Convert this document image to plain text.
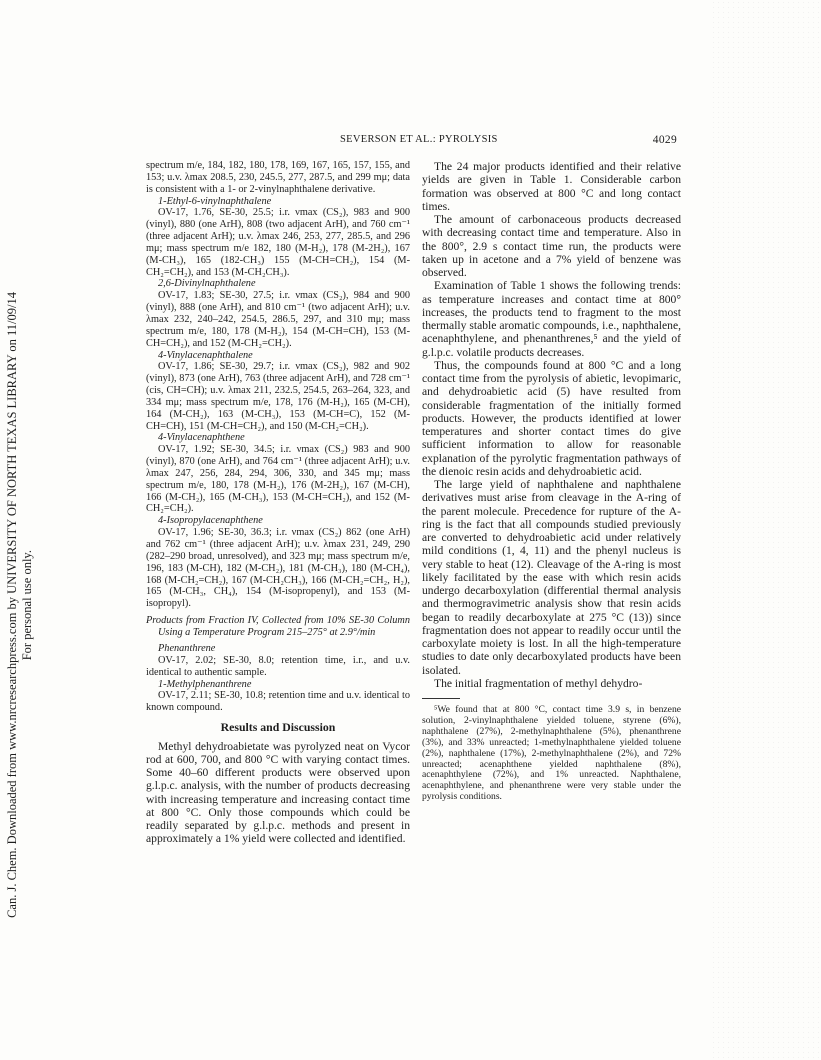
Can. J. Chem. Downloaded from www.nrcresearchpress.com by UNIVERSITY OF NORTH TEXAS LIBRARY on 11/09/14 For personal use only.
SEVERSON ET AL.: PYROLYSIS	4029

spectrum m/e, 184, 182, 180, 178, 169, 167, 165, 157, 155, and 153; u.v. λmax 208.5, 230, 245.5, 277, 287.5, and 299 mμ; data is consistent with a 1- or 2-vinylnaphthalene derivative.

1-Ethyl-6-vinylnaphthalene

OV-17, 1.76, SE-30, 25.5; i.r. νmax (CS₂), 983 and 900 (vinyl), 880 (one ArH), 808 (two adjacent ArH), and 760 cm⁻¹ (three adjacent ArH); u.v. λmax 246, 253, 277, 285.5, and 296 mμ; mass spectrum m/e 182, 180 (M-H₂), 178 (M-2H₂), 167 (M-CH₃), 165 (182-CH₃) 155 (M-CH=CH₂), 154 (M-CH₂=CH₂), and 153 (M-CH₂CH₃).

2,6-Divinylnaphthalene

OV-17, 1.83; SE-30, 27.5; i.r. νmax (CS₂), 984 and 900 (vinyl), 888 (one ArH), and 810 cm⁻¹ (two adjacent ArH); u.v. λmax 232, 240–242, 254.5, 286.5, 297, and 310 mμ; mass spectrum m/e, 180, 178 (M-H₂), 154 (M-CH=CH), 153 (M-CH=CH₂), and 152 (M-CH₂=CH₂).

4-Vinylacenaphthalene

OV-17, 1.86; SE-30, 29.7; i.r. νmax (CS₂), 982 and 902 (vinyl), 873 (one ArH), 763 (three adjacent ArH), and 728 cm⁻¹ (cis, CH=CH); u.v. λmax 211, 232.5, 254.5, 263–264, 323, and 334 mμ; mass spectrum m/e, 178, 176 (M-H₂), 165 (M-CH), 164 (M-CH₂), 163 (M-CH₃), 153 (M-CH=C), 152 (M-CH=CH), 151 (M-CH=CH₂), and 150 (M-CH₂=CH₂).

4-Vinylacenaphthene

OV-17, 1.92; SE-30, 34.5; i.r. νmax (CS₂) 983 and 900 (vinyl), 870 (one ArH), and 764 cm⁻¹ (three adjacent ArH); u.v. λmax 247, 256, 284, 294, 306, 330, and 345 mμ; mass spectrum m/e, 180, 178 (M-H₂), 176 (M-2H₂), 167 (M-CH), 166 (M-CH₂), 165 (M-CH₃), 153 (M-CH=CH₂), and 152 (M-CH₂=CH₂).

4-Isopropylacenaphthene

OV-17, 1.96; SE-30, 36.3; i.r. νmax (CS₂) 862 (one ArH) and 762 cm⁻¹ (three adjacent ArH); u.v. λmax 231, 249, 290 (282–290 broad, unresolved), and 323 mμ; mass spectrum m/e, 196, 183 (M-CH), 182 (M-CH₂), 181 (M-CH₃), 180 (M-CH₄), 168 (M-CH₂=CH₂), 167 (M-CH₂CH₃), 166 (M-CH₂=CH₂, H₂), 165 (M-CH₃, CH₄), 154 (M-isopropenyl), and 153 (M-isopropyl).

Products from Fraction IV, Collected from 10% SE-30 Column Using a Temperature Program 215–275° at 2.9°/min

Phenanthrene

OV-17, 2.02; SE-30, 8.0; retention time, i.r., and u.v. identical to authentic sample.

1-Methylphenanthrene

OV-17, 2.11; SE-30, 10.8; retention time and u.v. identical to known compound.

Results and Discussion

Methyl dehydroabietate was pyrolyzed neat on Vycor rod at 600, 700, and 800 °C with varying contact times. Some 40–60 different products were observed upon g.l.p.c. analysis, with the number of products decreasing with increasing temperature and increasing contact time at 800 °C. Only those compounds which could be readily separated by g.l.p.c. methods and present in approximately a 1% yield were collected and identified.

The 24 major products identified and their relative yields are given in Table 1. Considerable carbon formation was observed at 800 °C and long contact times.

The amount of carbonaceous products decreased with decreasing contact time and temperature. Also in the 800°, 2.9 s contact time run, the products were taken up in acetone and a 7% yield of benzene was observed.

Examination of Table 1 shows the following trends: as temperature increases and contact time at 800° increases, the products tend to fragment to the most thermally stable aromatic compounds, i.e., naphthalene, acenaphthylene, and phenanthrenes,⁵ and the yield of g.l.p.c. volatile products decreases.

Thus, the compounds found at 800 °C and a long contact time from the pyrolysis of abietic, levopimaric, and dehydroabietic acid (5) have resulted from considerable fragmentation of the initially formed products. However, the products identified at lower temperatures and shorter contact times do give sufficient information to allow for reasonable explanation of the pyrolytic fragmentation pathways of the dienoic resin acids and dehydroabietic acid.

The large yield of naphthalene and naphthalene derivatives must arise from cleavage in the A-ring of the parent molecule. Precedence for rupture of the A-ring is the fact that all compounds studied previously are converted to dehydroabietic acid under relatively mild conditions (1, 4, 11) and the phenyl nucleus is very stable to heat (12). Cleavage of the A-ring is most likely facilitated by the ease with which resin acids undergo decarboxylation (differential thermal analysis and thermogravimetric analysis show that resin acids began to readily decarboxylate at 275 °C (13)) since fragmentation does not appear to readily occur until the carboxylate moiety is lost. In all the high-temperature studies to date only decarboxylated products have been isolated.

The initial fragmentation of methyl dehydro-

⁵We found that at 800 °C, contact time 3.9 s, in benzene solution, 2-vinylnaphthalene yielded toluene, styrene (6%), naphthalene (27%), 2-methylnaphthalene (5%), phenanthrene (3%), and 33% unreacted; 1-methylnaphthalene yielded toluene (2%), naphthalene (17%), 2-methylnaphthalene (2%), and 72% unreacted; acenaphthene yielded naphthalene (8%), acenaphthylene (72%), and 1% unreacted. Naphthalene, acenaphthylene, and phenanthrene were very stable under the pyrolysis conditions.
